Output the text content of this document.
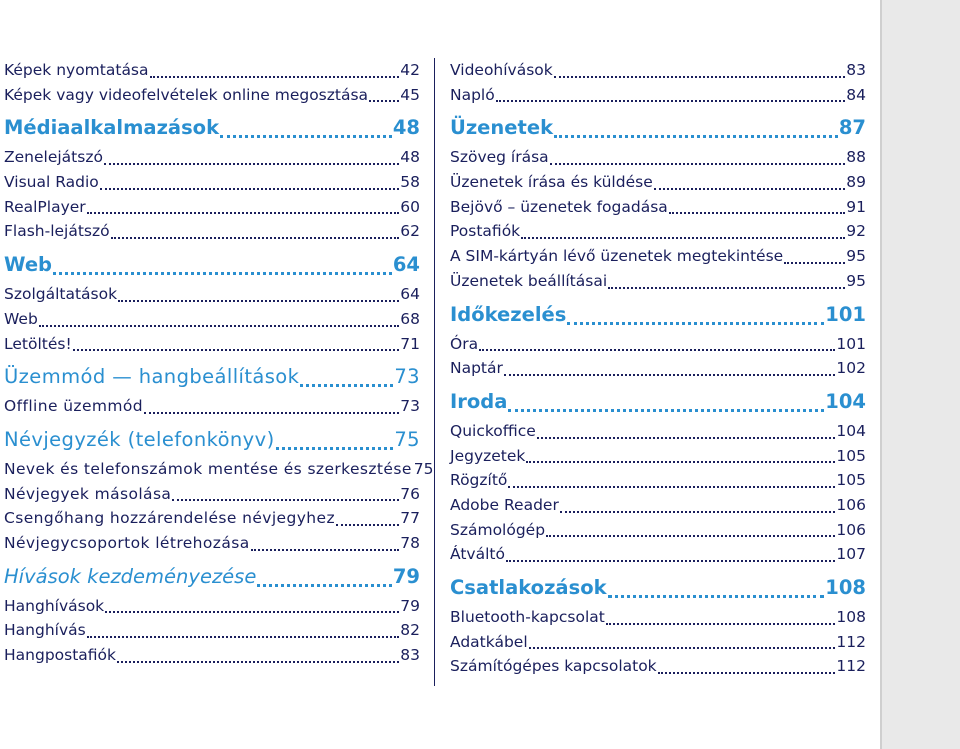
Képek nyomtatása	42
Képek vagy videofelvételek online megosztása 45
Médiaalkalmazások	48
Zenelejátszó	48
Visual Radio	58
RealPlayer	60
Flash-lejátszó	62
Web	64
Szolgáltatások	64
Web	68
Letöltés!	71
Üzemmód — hangbeállítások	73
Offline üzemmód	73
Névjegyzék (telefonkönyv)	75
Nevek és telefonszámok mentése és szerkesztése 75
Névjegyek másolása	76
Csengőhang hozzárendelése névjegyhez	77
Névjegycsoportok létrehozása	78
Hívások kezdeményezése	79
Hanghívások	79
Hanghívás	82
Hangpostafiók	83
Videohívások	83
Napló	84
Üzenetek	87
Szöveg írása	88
Üzenetek írása és küldése	89
Bejövő – üzenetek fogadása	91
Postafiók	92
A SIM-kártyán lévő üzenetek megtekintése	95
Üzenetek beállításai	95
Időkezelés	101
Óra	101
Naptár	102
Iroda	104
Quickoffice	104
Jegyzetek	105
Rögzítő	105
Adobe Reader	106
Számológép	106
Átváltó	107
Csatlakozások	108
Bluetooth-kapcsolat	108
Adatkábel	112
Számítógépes kapcsolatok	112
